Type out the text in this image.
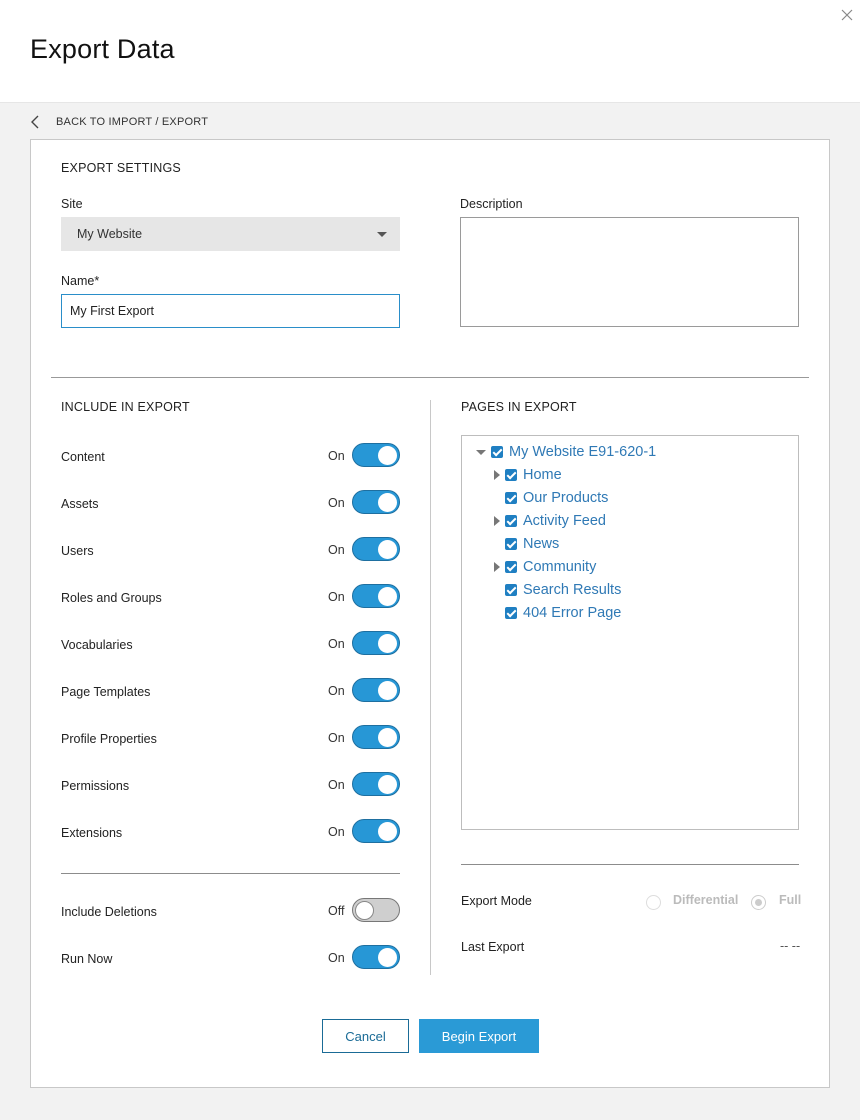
Export Data
BACK TO IMPORT / EXPORT
EXPORT SETTINGS
Site
My Website
Name*
My First Export
Description
INCLUDE IN EXPORT
Content	On
Assets	On
Users	On
Roles and Groups	On
Vocabularies	On
Page Templates	On
Profile Properties	On
Permissions	On
Extensions	On
Include Deletions	Off
Run Now	On
PAGES IN EXPORT
My Website E91-620-1
Home
Our Products
Activity Feed
News
Community
Search Results
404 Error Page
Export Mode	Differential	Full
Last Export	-- --
Cancel	Begin Export
